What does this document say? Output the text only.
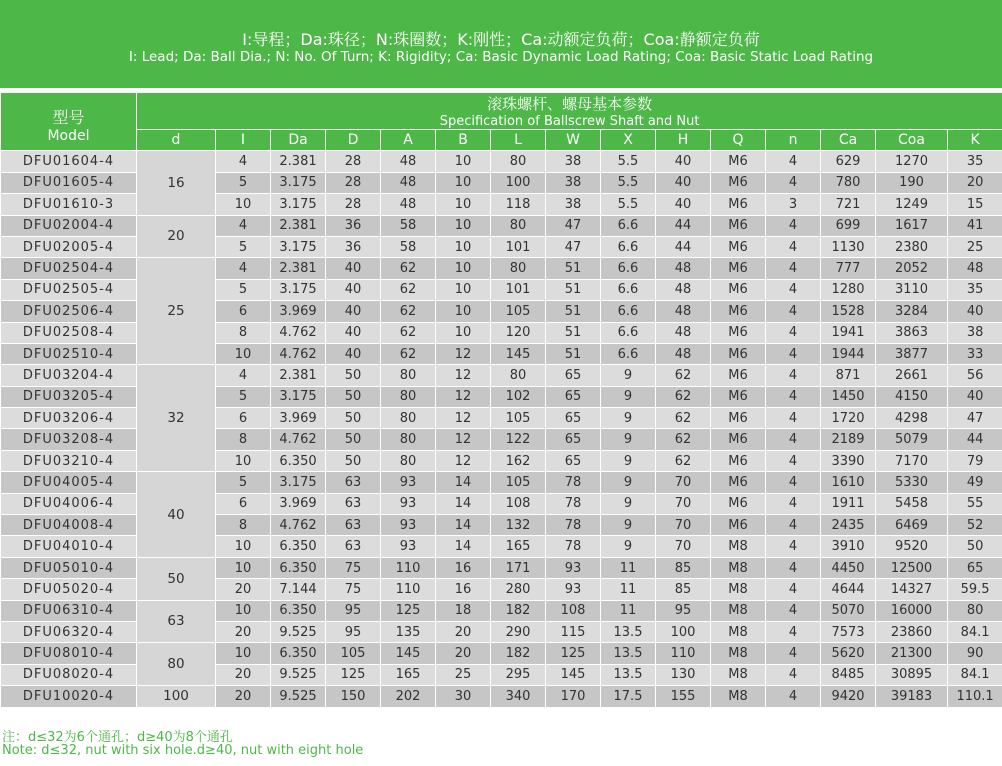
I:导程；Da:珠径；N:珠圈数；K:刚性；Ca:动额定负荷；Coa:静额定负荷
I: Lead; Da: Ball Dia.; N: No. Of Turn; K: Rigidity; Ca: Basic Dynamic Load Rating; Coa: Basic Static Load Rating
型号
Model	滚珠螺杆、螺母基本参数
Specification of Ballscrew Shaft and Nut														

	d	I	Da	D	A	B	L	W	X	H	Q	n	Ca	Coa	K
DFU01604-4	16	4	2.381	28	48	10	80	38	5.5	40	M6	4	629	1270	35
DFU01605-4		5	3.175	28	48	10	100	38	5.5	40	M6	4	780	190	20
DFU01610-3		10	3.175	28	48	10	118	38	5.5	40	M6	3	721	1249	15
DFU02004-4	20	4	2.381	36	58	10	80	47	6.6	44	M6	4	699	1617	41
DFU02005-4		5	3.175	36	58	10	101	47	6.6	44	M6	4	1130	2380	25
DFU02504-4	25	4	2.381	40	62	10	80	51	6.6	48	M6	4	777	2052	48
DFU02505-4		5	3.175	40	62	10	101	51	6.6	48	M6	4	1280	3110	35
DFU02506-4		6	3.969	40	62	10	105	51	6.6	48	M6	4	1528	3284	40
DFU02508-4		8	4.762	40	62	10	120	51	6.6	48	M6	4	1941	3863	38
DFU02510-4		10	4.762	40	62	12	145	51	6.6	48	M6	4	1944	3877	33
DFU03204-4	32	4	2.381	50	80	12	80	65	9	62	M6	4	871	2661	56
DFU03205-4		5	3.175	50	80	12	102	65	9	62	M6	4	1450	4150	40
DFU03206-4		6	3.969	50	80	12	105	65	9	62	M6	4	1720	4298	47
DFU03208-4		8	4.762	50	80	12	122	65	9	62	M6	4	2189	5079	44
DFU03210-4		10	6.350	50	80	12	162	65	9	62	M6	4	3390	7170	79
DFU04005-4	40	5	3.175	63	93	14	105	78	9	70	M6	4	1610	5330	49
DFU04006-4		6	3.969	63	93	14	108	78	9	70	M6	4	1911	5458	55
DFU04008-4		8	4.762	63	93	14	132	78	9	70	M6	4	2435	6469	52
DFU04010-4		10	6.350	63	93	14	165	78	9	70	M8	4	3910	9520	50
DFU05010-4	50	10	6.350	75	110	16	171	93	11	85	M8	4	4450	12500	65
DFU05020-4		20	7.144	75	110	16	280	93	11	85	M8	4	4644	14327	59.5
DFU06310-4	63	10	6.350	95	125	18	182	108	11	95	M8	4	5070	16000	80
DFU06320-4		20	9.525	95	135	20	290	115	13.5	100	M8	4	7573	23860	84.1
DFU08010-4	80	10	6.350	105	145	20	182	125	13.5	110	M8	4	5620	21300	90
DFU08020-4		20	9.525	125	165	25	295	145	13.5	130	M8	4	8485	30895	84.1
DFU10020-4	100	20	9.525	150	202	30	340	170	17.5	155	M8	4	9420	39183	110.1
注：d≤32为6个通孔；d≥40为8个通孔
Note: d≤32, nut with six hole.d≥40, nut with eight hole
